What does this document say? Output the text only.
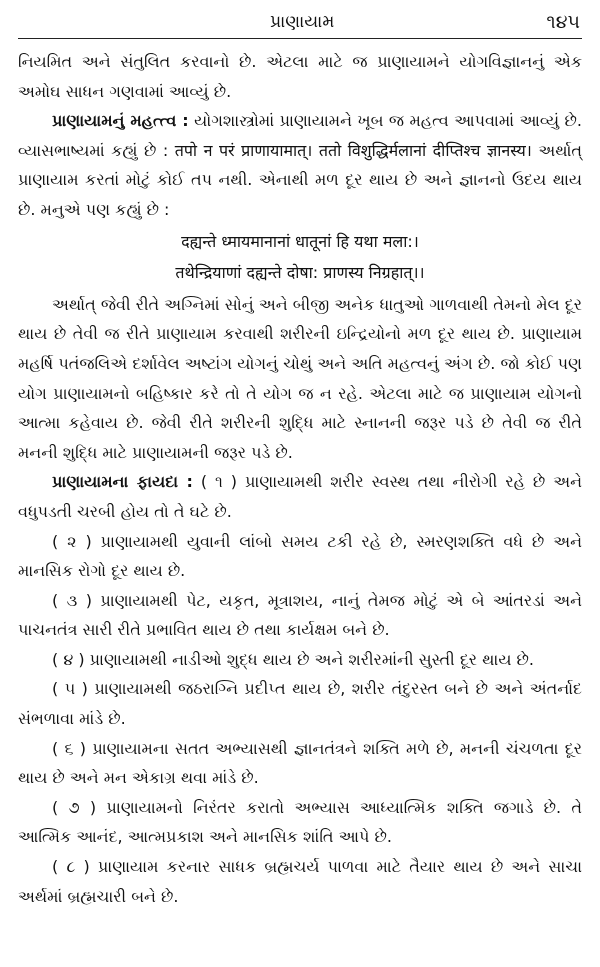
પ્રાણાયામ	૧૪૫

નિયમિત અને સંતુલિત કરવાનો છે. એટલા માટે જ પ્રાણાયામને યોગવિજ્ઞાનનું એક અમોઘ સાધન ગણવામાં આવ્યું છે.

પ્રાણાયામનું મહત્ત્વ : યોગશાસ્ત્રોમાં પ્રાણાયામને ખૂબ જ મહત્વ આપવામાં આવ્યું છે. વ્યાસભાષ્યમાં કહ્યું છે : तपो न परं प्राणायामात्। ततो विशुद्धिर्मलानां दीप्तिश्च ज्ञानस्य। અર્થાત્ પ્રાણાયામ કરતાં મોટું કોઈ તપ નથી. એનાથી મળ દૂર થાય છે અને જ્ઞાનનો ઉદય થાય છે. મનુએ પણ કહ્યું છે :

दह्यन्ते ध्मायमानानां धातूनां हि यथा मला:।

तथेन्द्रियाणां दह्यन्ते दोषा: प्राणस्य निग्रहात्।।

અર્થાત્ જેવી રીતે અગ્નિમાં સોનું અને બીજી અનેક ધાતુઓ ગાળવાથી તેમનો મેલ દૂર થાય છે તેવી જ રીતે પ્રાણાયામ કરવાથી શરીરની ઇન્દ્રિયોનો મળ દૂર થાય છે. પ્રાણાયામ મહર્ષિ પતંજલિએ દર્શાવેલ અષ્ટાંગ યોગનું ચોથું અને અતિ મહત્વનું અંગ છે. જો કોઈ પણ યોગ પ્રાણાયામનો બહિષ્કાર કરે તો તે યોગ જ ન રહે. એટલા માટે જ પ્રાણાયામ યોગનો આત્મા કહેવાય છે. જેવી રીતે શરીરની શુદ્ધિ માટે સ્નાનની જરૂર પડે છે તેવી જ રીતે મનની શુદ્ધિ માટે પ્રાણાયામની જરૂર પડે છે.

પ્રાણાયામના ફાયદા : ( ૧ ) પ્રાણાયામથી શરીર સ્વસ્થ તથા નીરોગી રહે છે અને વધુપડતી ચરબી હોય તો તે ઘટે છે.

( ૨ ) પ્રાણાયામથી યુવાની લાંબો સમય ટકી રહે છે, સ્મરણશક્તિ વધે છે અને માનસિક રોગો દૂર થાય છે.

( ૩ ) પ્રાણાયામથી પેટ, યકૃત, મૂત્રાશય, નાનું તેમજ મોટું એ બે આંતરડાં અને પાચનતંત્ર સારી રીતે પ્રભાવિત થાય છે તથા કાર્યક્ષમ બને છે.

( ૪ ) પ્રાણાયામથી નાડીઓ શુદ્ધ થાય છે અને શરીરમાંની સુસ્તી દૂર થાય છે.

( ૫ ) પ્રાણાયામથી જઠરાગ્નિ પ્રદીપ્ત થાય છે, શરીર તંદુરસ્ત બને છે અને અંતર્નાદ સંભળાવા માંડે છે.

( ૬ ) પ્રાણાયામના સતત અભ્યાસથી જ્ઞાનતંત્રને શક્તિ મળે છે, મનની ચંચળતા દૂર થાય છે અને મન એકાગ્ર થવા માંડે છે.

( ૭ ) પ્રાણાયામનો નિરંતર કરાતો અભ્યાસ આધ્યાત્મિક શક્તિ જગાડે છે. તે આત્મિક આનંદ, આત્મપ્રકાશ અને માનસિક શાંતિ આપે છે.

( ૮ ) પ્રાણાયામ કરનાર સાધક બ્રહ્મચર્ય પાળવા માટે તૈયાર થાય છે અને સાચા અર્થમાં બ્રહ્મચારી બને છે.
